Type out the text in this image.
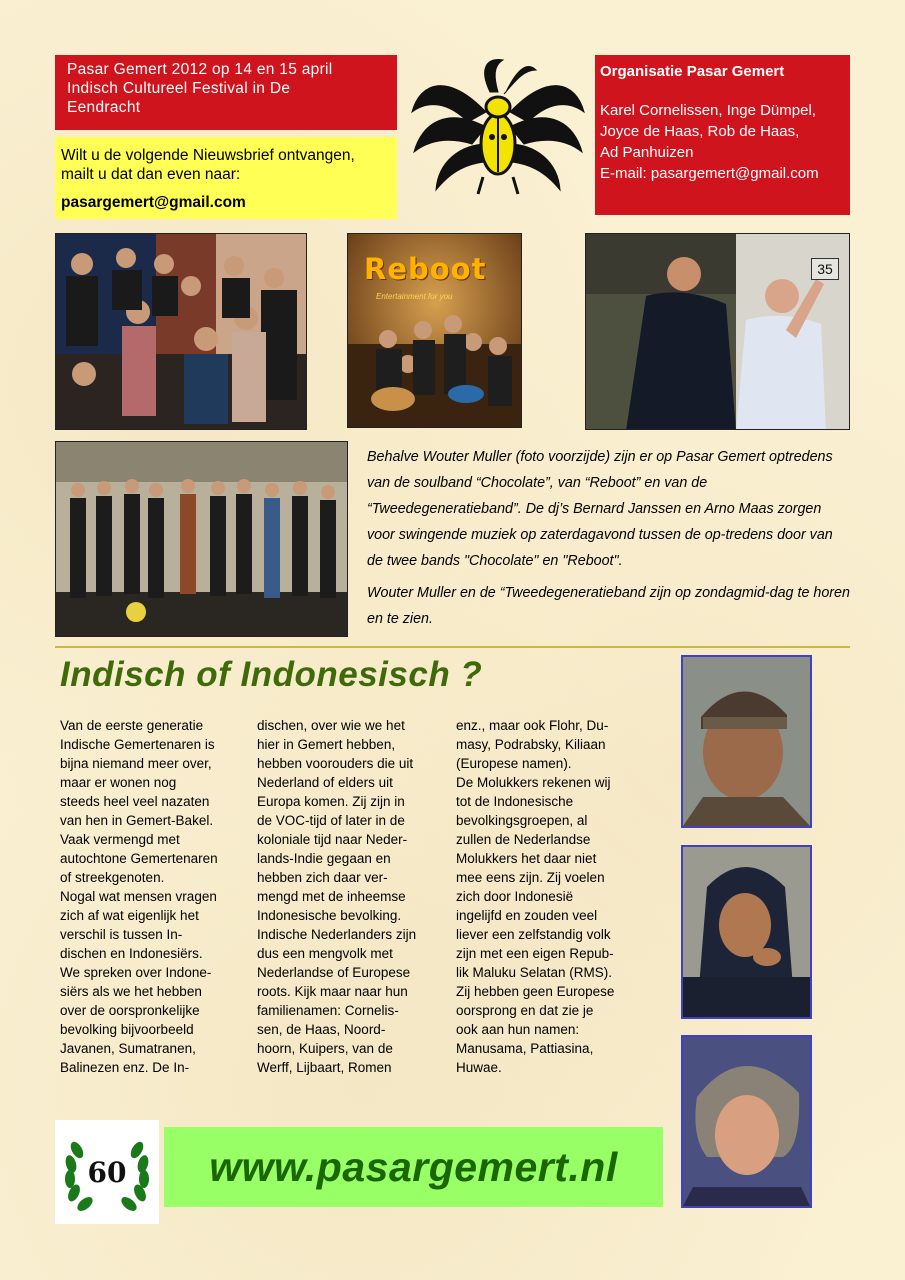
Pasar Gemert 2012 op 14 en 15 april
Indisch Cultureel Festival in De
Eendracht
Wilt u de volgende Nieuwsbrief ontvangen,
mailt u dat dan even naar:
pasargemert@gmail.com
Organisatie Pasar Gemert
Karel Cornelissen, Inge Dümpel,
Joyce de Haas, Rob de Haas,
Ad Panhuizen
E-mail: pasargemert@gmail.com
Reboot
Entertainment for you
35

Behalve Wouter Muller (foto voorzijde) zijn er op Pasar Gemert optredens van de soulband “Chocolate”, van “Reboot” en van de “Tweedegeneratieband”. De dj’s Bernard Janssen en Arno Maas zorgen voor swingende muziek op zaterdagavond tussen de op-tredens door van de twee bands "Chocolate" en "Reboot".

Wouter Muller en de “Tweedegeneratieband zijn op zondagmid-dag te horen en te zien.

Indisch of Indonesisch ?
Van de eerste generatie
Indische Gemertenaren is
bijna niemand meer over,
maar er wonen nog
steeds heel veel nazaten
van hen in Gemert-Bakel.
Vaak vermengd met
autochtone Gemertenaren
of streekgenoten.
Nogal wat mensen vragen
zich af wat eigenlijk het
verschil is tussen In-
dischen en Indonesiërs.
We spreken over Indone-
siërs als we het hebben
over de oorspronkelijke
bevolking bijvoorbeeld
Javanen, Sumatranen,
Balinezen enz. De In-
dischen, over wie we het
hier in Gemert hebben,
hebben voorouders die uit
Nederland of elders uit
Europa komen. Zij zijn in
de VOC-tijd of later in de
koloniale tijd naar Neder-
lands-Indie gegaan en
hebben zich daar ver-
mengd met de inheemse
Indonesische bevolking.
Indische Nederlanders zijn
dus een mengvolk met
Nederlandse of Europese
roots. Kijk maar naar hun
familienamen: Cornelis-
sen, de Haas, Noord-
hoorn, Kuipers, van de
Werff, Lijbaart, Romen
enz., maar ook Flohr, Du-
masy, Podrabsky, Kiliaan
(Europese namen).
De Molukkers rekenen wij
tot de Indonesische
bevolkingsgroepen, al
zullen de Nederlandse
Molukkers het daar niet
mee eens zijn. Zij voelen
zich door Indonesië
ingelijfd en zouden veel
liever een zelfstandig volk
zijn met een eigen Repub-
lik Maluku Selatan (RMS).
Zij hebben geen Europese
oorsprong en dat zie je
ook aan hun namen:
Manusama, Pattiasina,
Huwae.
60 www.pasargemert.nl
